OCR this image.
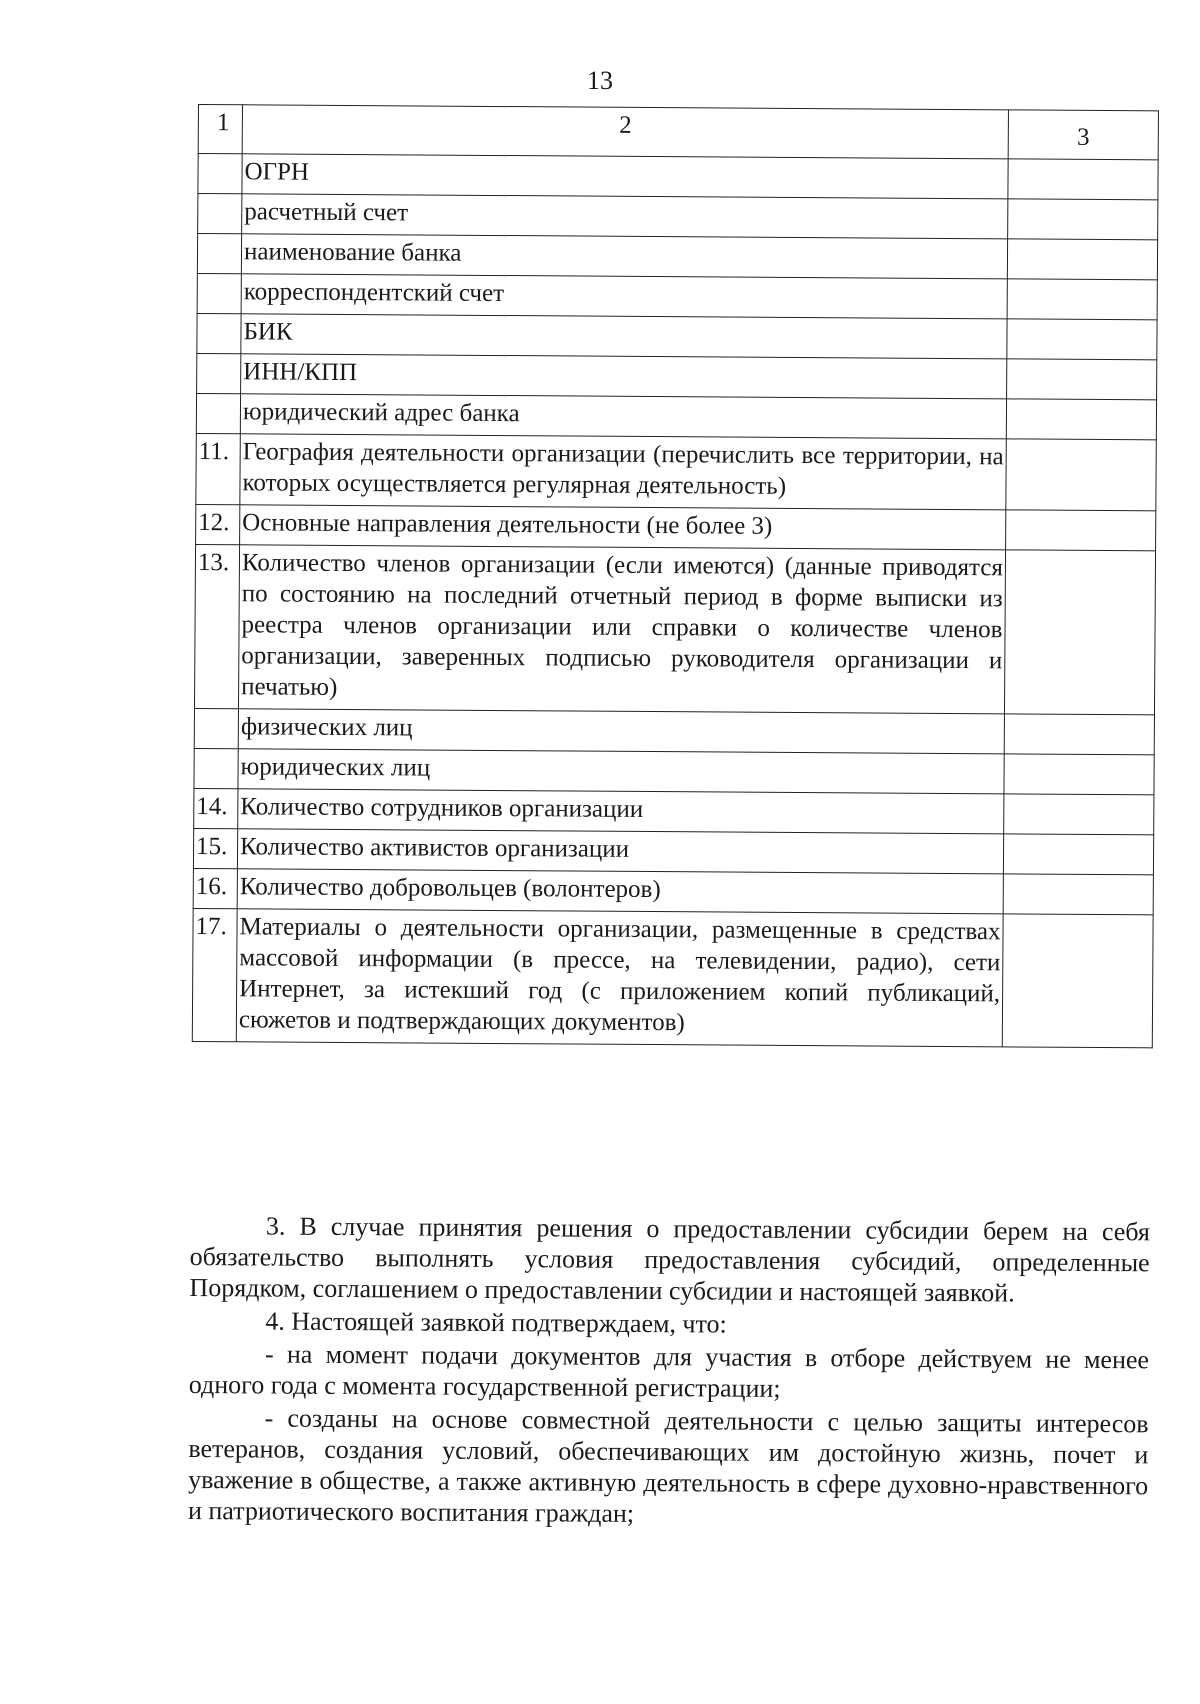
13
1	2	3
	ОГРН	
	расчетный счет	
	наименование банка	
	корреспондентский счет	
	БИК	
	ИНН/КПП	
	юридический адрес банка	
11.	География деятельности организации (перечислить все территории, на которых осуществляется регулярная деятельность)	
12.	Основные направления деятельности (не более 3)	
13.	Количество членов организации (если имеются) (данные приводятся по состоянию на последний отчетный период в форме выписки из реестра членов организации или справки о количестве членов организации, заверенных подписью руководителя организации и печатью)	
	физических лиц	
	юридических лиц	
14.	Количество сотрудников организации	
15.	Количество активистов организации	
16.	Количество добровольцев (волонтеров)	
17.	Материалы о деятельности организации, размещенные в средствах массовой информации (в прессе, на телевидении, радио), сети Интернет, за истекший год (с приложением копий публикаций, сюжетов и подтверждающих документов)	

3. В случае принятия решения о предоставлении субсидии берем на себя обязательство выполнять условия предоставления субсидий, определенные Порядком, соглашением о предоставлении субсидии и настоящей заявкой.

4. Настоящей заявкой подтверждаем, что:

- на момент подачи документов для участия в отборе действуем не менее одного года с момента государственной регистрации;

- созданы на основе совместной деятельности с целью защиты интересов ветеранов, создания условий, обеспечивающих им достойную жизнь, почет и уважение в обществе, а также активную деятельность в сфере духовно-нравственного и патриотического воспитания граждан;
